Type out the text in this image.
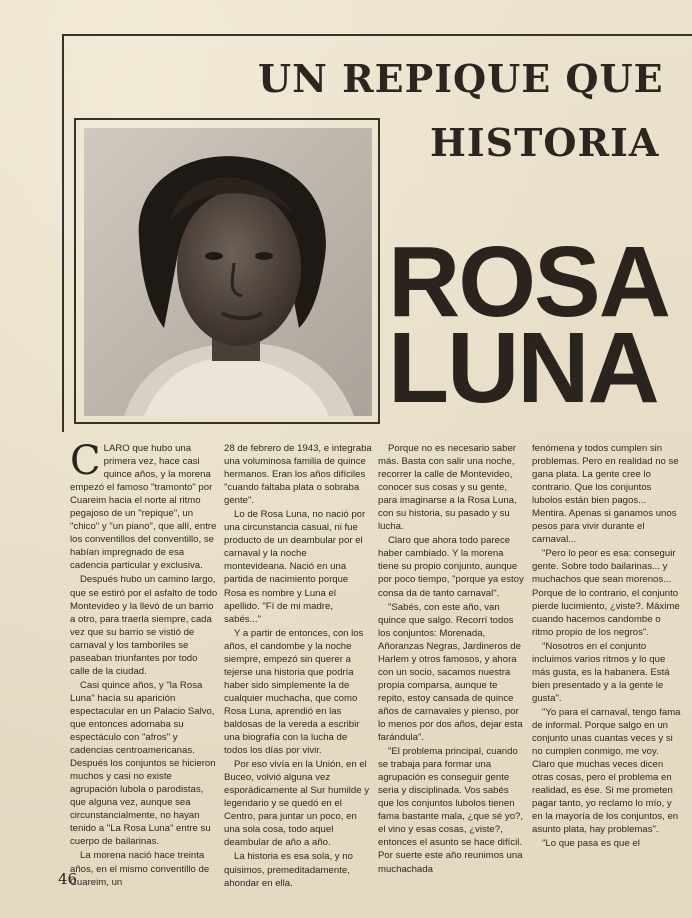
UN REPIQUE QUE
HISTORIA
ROSA
LUNA

CLARO que hubo una primera vez, hace casi quince años, y la morena empezó el famoso "tramonto" por Cuareim hacia el norte al ritmo pegajoso de un "repique", un "chico" y "un piano", que allí, entre los conventillos del conventillo, se habían impregnado de esa cadencia particular y exclusiva.

Después hubo un camino largo, que se estiró por el asfalto de todo Montevideo y la llevó de un barrio a otro, para traerla siempre, cada vez que su barrio se vistió de carnaval y los tamboriles se paseaban triunfantes por todo calle de la ciudad.

Casi quince años, y "la Rosa Luna" hacía su aparición espectacular en un Palacio Salvo, que entonces adornaba su espectáculo con "afros" y cadencias centroamericanas. Después los conjuntos se hicieron muchos y casi no existe agrupación lubola o parodistas, que alguna vez, aunque sea circunstancialmente, no hayan tenido a "La Rosa Luna" entre su cuerpo de bailarinas.

La morena nació hace treinta años, en el mismo conventillo de Cuareim, un

28 de febrero de 1943, e integraba una voluminosa familia de quince hermanos. Eran los años difíciles "cuando faltaba plata o sobraba gente".

Lo de Rosa Luna, no nació por una circunstancia casual, ni fue producto de un deambular por el carnaval y la noche montevideana. Nació en una partida de nacimiento porque Rosa es nombre y Luna el apellido. "Fí de mi madre, sabés..."

Y a partir de entonces, con los años, el candombe y la noche siempre, empezó sin querer a tejerse una historia que podría haber sido simplemente la de cualquier muchacha, que como Rosa Luna, aprendió en las baldosas de la vereda a escribir una biografía con la lucha de todos los días por vivir.

Por eso vivía en la Unión, en el Buceo, volvió alguna vez esporádicamente al Sur humilde y legendario y se quedó en el Centro, para juntar un poco, en una sola cosa, todo aquel deambular de año a año.

La historia es esa sola, y no quisimos, premeditadamente, ahondar en ella.

Porque no es necesario saber más. Basta con salir una noche, recorrer la calle de Montevideo, conocer sus cosas y su gente, para imaginarse a la Rosa Luna, con su historia, su pasado y su lucha.

Claro que ahora todo parece haber cambiado. Y la morena tiene su propio conjunto, aunque por poco tiempo, "porque ya estoy consa da de tanto carnaval".

"Sabés, con este año, van quince que salgo. Recorrí todos los conjuntos: Morenada, Añoranzas Negras, Jardineros de Harlem y otros famosos, y ahora con un socio, sacamos nuestra propia comparsa, aunque te repito, estoy cansada de quince años de carnavales y pienso, por lo menos por dos años, dejar esta farándula".

"El problema principal, cuando se trabaja para formar una agrupación es conseguir gente seria y disciplinada. Vos sabés que los conjuntos lubolos tienen fama bastante mala, ¿que sé yo?, el vino y esas cosas, ¿viste?, entonces el asunto se hace difícil. Por suerte este año reunimos una muchachada

fenómena y todos cumplen sin problemas. Pero en realidad no se gana plata. La gente cree lo contrario. Que los conjuntos lubolos están bien pagos... Mentira. Apenas si ganamos unos pesos para vivir durante el carnaval...

"Pero lo peor es esa: conseguir gente. Sobre todo bailarinas... y muchachos que sean morenos... Porque de lo contrario, el conjunto pierde lucimiento, ¿viste?. Máxime cuando hacemos candombe o ritmo propio de los negros".

"Nosotros en el conjunto incluimos varios ritmos y lo que más gusta, es la habanera. Está bien presentado y a la gente le gusta".

"Yo para el carnaval, tengo fama de informal. Porque salgo en un conjunto unas cuantas veces y si no cumplen conmigo, me voy. Claro que muchas veces dicen otras cosas, pero el problema en realidad, es ése. Si me prometen pagar tanto, yo reclamo lo mío, y en la mayoría de los conjuntos, en asunto plata, hay problemas".

"Lo que pasa es que el

46
